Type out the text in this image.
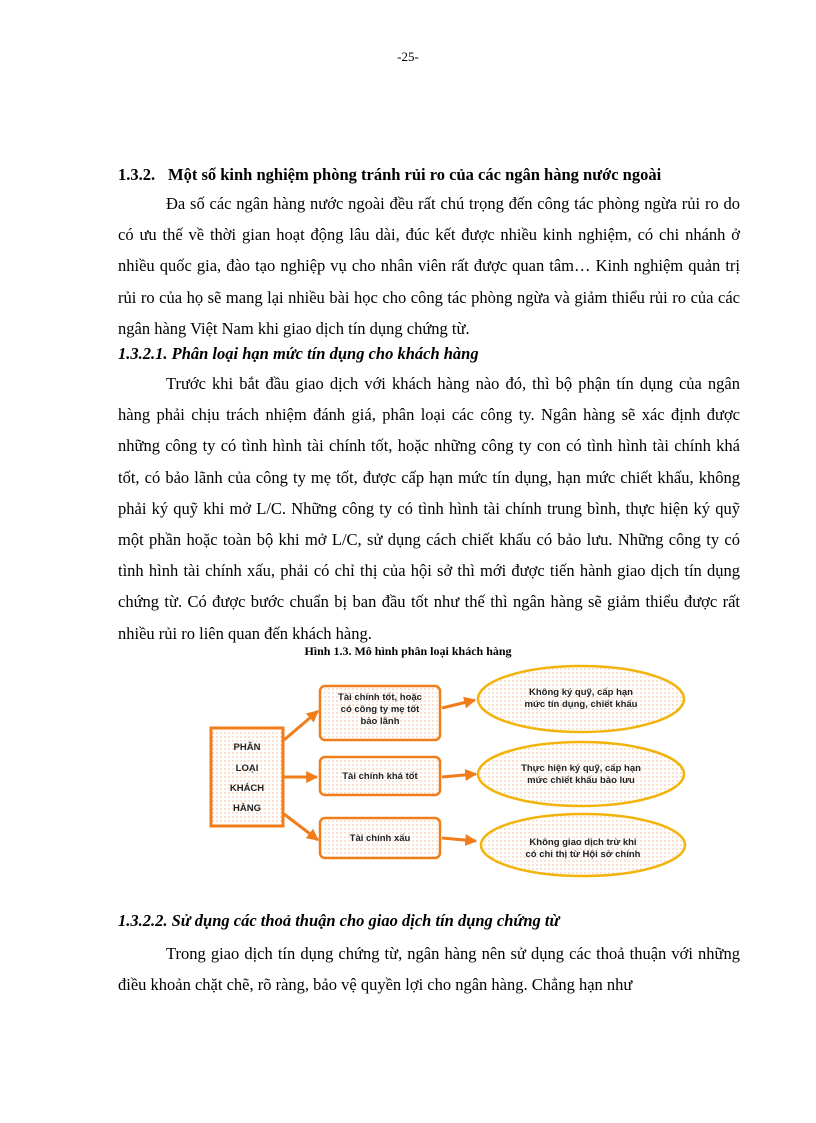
-25-
1.3.2. Một số kinh nghiệm phòng tránh rủi ro của các ngân hàng nước ngoài

Đa số các ngân hàng nước ngoài đều rất chú trọng đến công tác phòng ngừa rủi ro do có ưu thế về thời gian hoạt động lâu dài, đúc kết được nhiều kinh nghiệm, có chi nhánh ở nhiều quốc gia, đào tạo nghiệp vụ cho nhân viên rất được quan tâm… Kinh nghiệm quản trị rủi ro của họ sẽ mang lại nhiều bài học cho công tác phòng ngừa và giảm thiểu rủi ro của các ngân hàng Việt Nam khi giao dịch tín dụng chứng từ.

1.3.2.1. Phân loại hạn mức tín dụng cho khách hàng

Trước khi bắt đầu giao dịch với khách hàng nào đó, thì bộ phận tín dụng của ngân hàng phải chịu trách nhiệm đánh giá, phân loại các công ty. Ngân hàng sẽ xác định được những công ty có tình hình tài chính tốt, hoặc những công ty con có tình hình tài chính khá tốt, có bảo lãnh của công ty mẹ tốt, được cấp hạn mức tín dụng, hạn mức chiết khấu, không phải ký quỹ khi mở L/C. Những công ty có tình hình tài chính trung bình, thực hiện ký quỹ một phần hoặc toàn bộ khi mở L/C, sử dụng cách chiết khấu có bảo lưu. Những công ty có tình hình tài chính xấu, phải có chỉ thị của hội sở thì mới được tiến hành giao dịch tín dụng chứng từ. Có được bước chuẩn bị ban đầu tốt như thế thì ngân hàng sẽ giảm thiểu được rất nhiều rủi ro liên quan đến khách hàng.

Hình 1.3. Mô hình phân loại khách hàng
PHÂN
LOẠI
KHÁCH
HÀNG
Tài chính tốt, hoặc
có công ty mẹ tốt
bảo lãnh
Tài chính khá tốt
Tài chính xấu
Không ký quỹ, cấp hạn
mức tín dụng, chiết khấu
Thực hiện ký quỹ, cấp hạn
mức chiết khấu bảo lưu
Không giao dịch trừ khi
có chỉ thị từ Hội sở chính
1.3.2.2. Sử dụng các thoả thuận cho giao dịch tín dụng chứng từ

Trong giao dịch tín dụng chứng từ, ngân hàng nên sử dụng các thoả thuận với những điều khoản chặt chẽ, rõ ràng, bảo vệ quyền lợi cho ngân hàng. Chẳng hạn như
